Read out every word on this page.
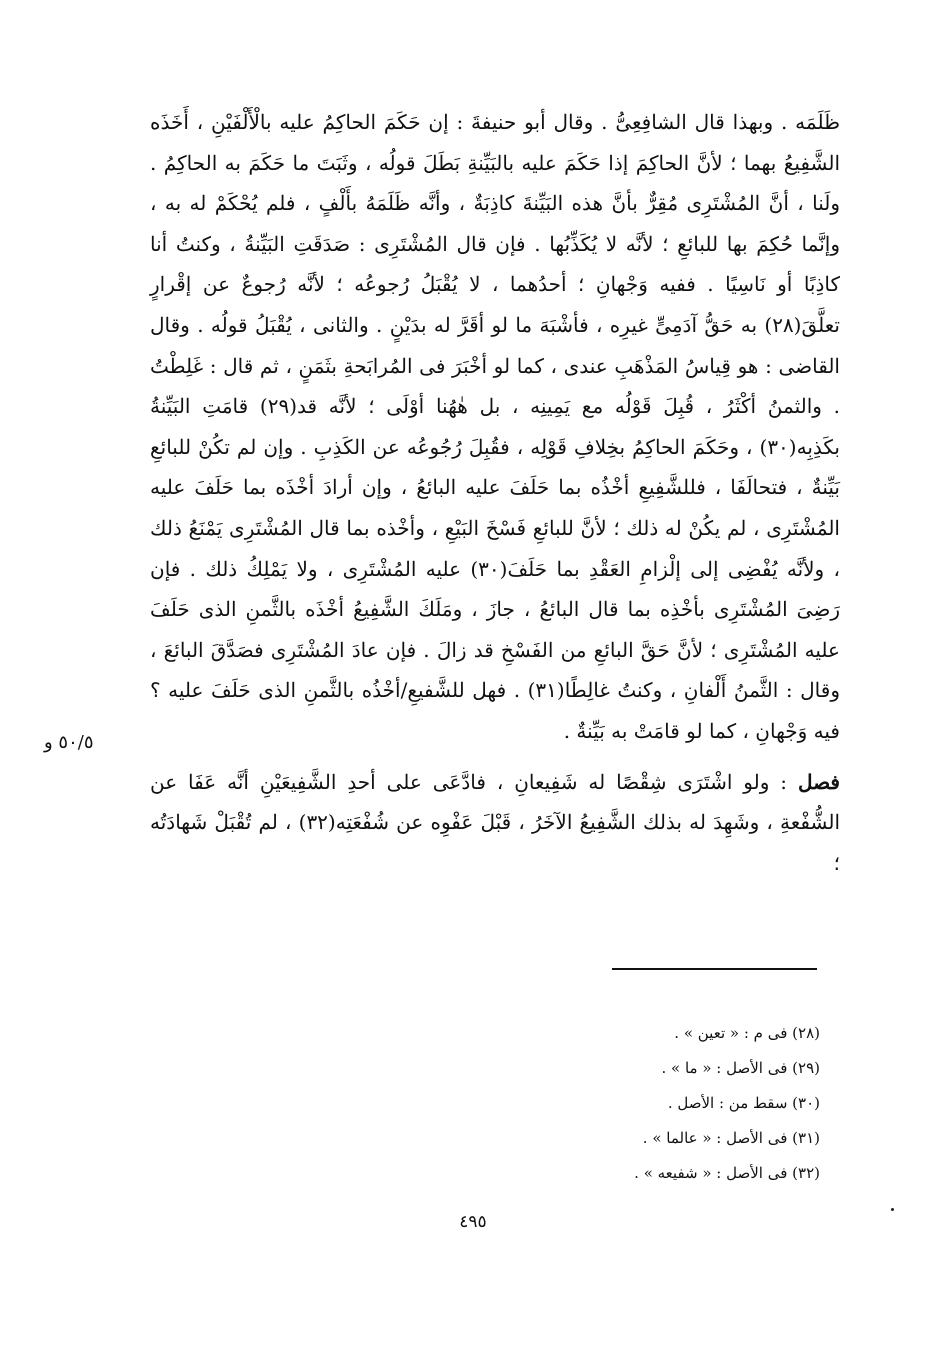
ظَلَمَه . وبهذا قال الشافِعِىُّ . وقال أبو حنيفةَ : إن حَكَمَ الحاكِمُ عليه بالْأَلْفَيْنِ ، أَخَذَه الشَّفِيعُ بهما ؛ لأنَّ الحاكِمَ إذا حَكَمَ عليه بالبَيِّنةِ بَطَلَ قولُه ، وثَبَتَ ما حَكَمَ به الحاكِمُ . ولَنا ، أنَّ المُشْتَرِى مُقِرٌّ بأنَّ هذه البَيِّنةَ كاذِبَةٌ ، وأنَّه ظَلَمَهُ بأَلْفٍ ، فلم يُحْكَمْ له به ، وإنَّما حُكِمَ بها للبائعِ ؛ لأنَّه لا يُكَذِّبُها . فإن قال المُشْتَرِى : صَدَقَتِ البَيِّنةُ ، وكنتُ أنا كاذِبًا أو نَاسِيًا . ففيه وَجْهانِ ؛ أحدُهما ، لا يُقْبَلُ رُجوعُه ؛ لأنَّه رُجوعٌ عن إقْرارٍ تعلَّقَ(٢٨) به حَقُّ آدَمِىٍّ غيرِه ، فأشْبَهَ ما لو أقَرَّ له بدَيْنٍ . والثانى ، يُقْبَلُ قولُه . وقال القاضى : هو قِياسُ المَذْهَبِ عندى ، كما لو أخْبَرَ فى المُرابَحةِ بثَمَنٍ ، ثم قال : غَلِطْتُ . والثمنُ أكْثَرُ ، قُبِلَ قَوْلُه مع يَمِينِه ، بل هٰهُنا أوْلَى ؛ لأنَّه قد(٢٩) قامَتِ البَيِّنةُ بكَذِبِه(٣٠) ، وحَكَمَ الحاكِمُ بخِلافِ قَوْلِه ، فقُبِلَ رُجُوعُه عن الكَذِبِ . وإن لم تكُنْ للبائعِ بَيِّنةٌ ، فتحالَفَا ، فللشَّفِيعِ أخْذُه بما حَلَفَ عليه البائعُ ، وإن أرادَ أخْذَه بما حَلَفَ عليه المُشْتَرِى ، لم يكُنْ له ذلك ؛ لأنَّ للبائعِ فَسْخَ البَيْعِ ، وأخْذه بما قال المُشْتَرِى يَمْنَعُ ذلك ، ولأنَّه يُفْضِى إلى إلْزامِ العَقْدِ بما حَلَفَ(٣٠) عليه المُشْتَرِى ، ولا يَمْلِكُ ذلك . فإن رَضِىَ المُشْتَرِى بأخْذِه بما قال البائعُ ، جازَ ، ومَلَكَ الشَّفِيعُ أخْذَه بالثَّمنِ الذى حَلَفَ عليه المُشْتَرِى ؛ لأنَّ حَقَّ البائعِ من الفَسْخِ قد زالَ . فإن عادَ المُشْتَرِى فصَدَّقَ البائعَ ، وقال : الثَّمنُ أَلْفانِ ، وكنتُ غالِطًا(٣١) . فهل للشَّفيعِ/أخْذُه بالثَّمنِ الذى حَلَفَ عليه ؟ فيه وَجْهانِ ، كما لو قامَتْ به بَيِّنةٌ .

فصل : ولو اشْتَرَى شِقْصًا له شَفِيعانِ ، فادَّعَى على أحدِ الشَّفِيعَيْنِ أنَّه عَفَا عن الشُّفْعةِ ، وشَهِدَ له بذلك الشَّفِيعُ الآخَرُ ، قَبْلَ عَفْوِه عن شُفْعَتِه(٣٢) ، لم تُقْبَلْ شَهادَتُه ؛

٥٠/٥ و
(٢٨) فى م : « تعين » .
(٢٩) فى الأصل : « ما » .
(٣٠) سقط من : الأصل .
(٣١) فى الأصل : « عالما » .
(٣٢) فى الأصل : « شفيعه » .
٤٩٥
